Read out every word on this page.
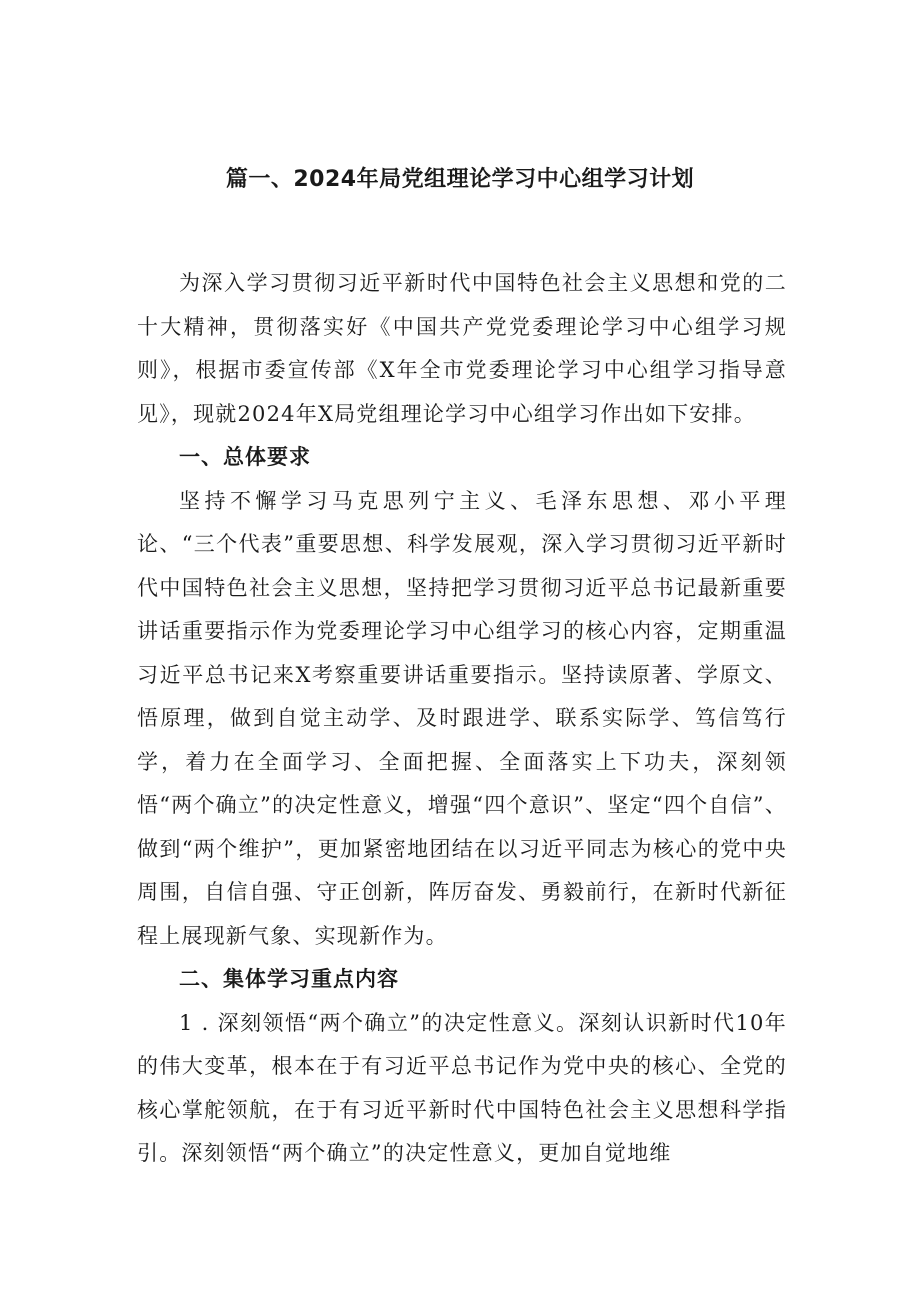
篇一、2024年局党组理论学习中心组学习计划

为深入学习贯彻习近平新时代中国特色社会主义思想和党的二十大精神，贯彻落实好《中国共产党党委理论学习中心组学习规则》，根据市委宣传部《X年全市党委理论学习中心组学习指导意见》，现就2024年X局党组理论学习中心组学习作出如下安排。

一、总体要求

坚持不懈学习马克思列宁主义、毛泽东思想、邓小平理论、“三个代表”重要思想、科学发展观，深入学习贯彻习近平新时代中国特色社会主义思想，坚持把学习贯彻习近平总书记最新重要讲话重要指示作为党委理论学习中心组学习的核心内容，定期重温习近平总书记来X考察重要讲话重要指示。坚持读原著、学原文、悟原理，做到自觉主动学、及时跟进学、联系实际学、笃信笃行学，着力在全面学习、全面把握、全面落实上下功夫，深刻领悟“两个确立”的决定性意义，增强“四个意识”、坚定“四个自信”、做到“两个维护”，更加紧密地团结在以习近平同志为核心的党中央周围，自信自强、守正创新，阵厉奋发、勇毅前行，在新时代新征程上展现新气象、实现新作为。

二、集体学习重点内容

1 . 深刻领悟“两个确立”的决定性意义。深刻认识新时代10年的伟大变革，根本在于有习近平总书记作为党中央的核心、全党的核心掌舵领航，在于有习近平新时代中国特色社会主义思想科学指引。深刻领悟“两个确立”的决定性意义，更加自觉地维
